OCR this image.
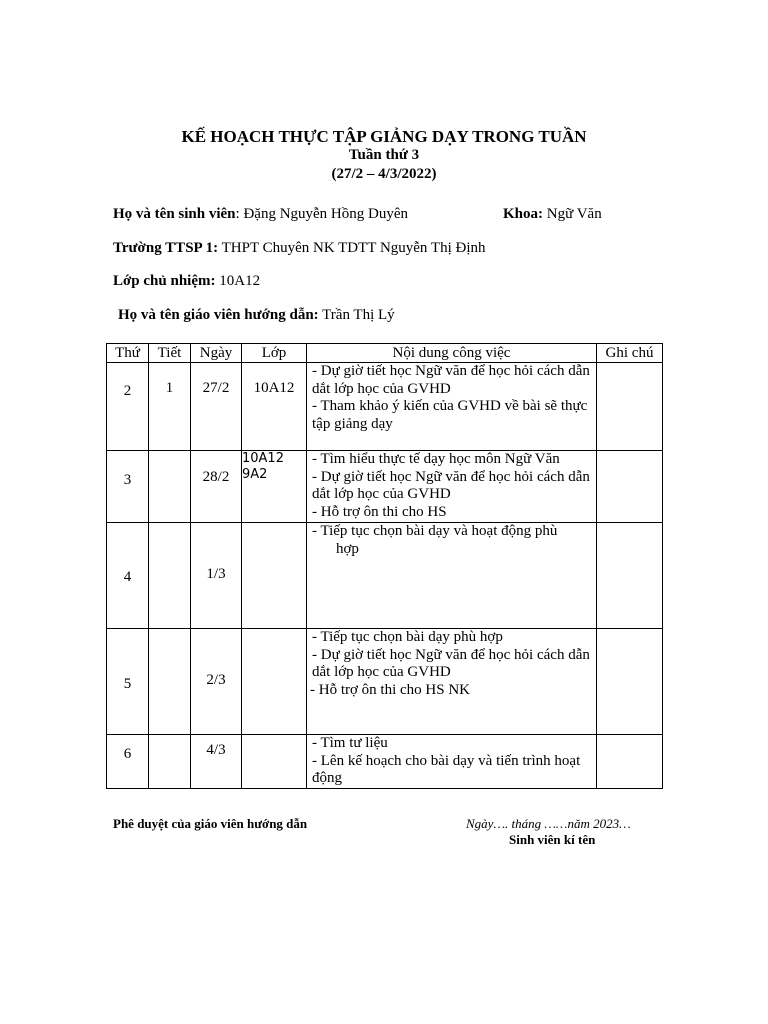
KẾ HOẠCH THỰC TẬP GIẢNG DẠY TRONG TUẦN
Tuần thứ 3
(27/2 – 4/3/2022)
Họ và tên sinh viên: Đặng Nguyễn Hồng Duyên	Khoa: Ngữ Văn
Trường TTSP 1: THPT Chuyên NK TDTT Nguyễn Thị Định
Lớp chủ nhiệm: 10A12
Họ và tên giáo viên hướng dẫn: Trần Thị Lý
Thứ	Tiết	Ngày	Lớp	Nội dung công việc	Ghi chú

2	1	27/2	10A12	- Dự giờ tiết học Ngữ văn để học hỏi cách dẫn dắt lớp học của GVHD
- Tham khảo ý kiến của GVHD về bài sẽ thực tập giảng dạy	

3		28/2	10A12
9A2	- Tìm hiểu thực tế dạy học môn Ngữ Văn
- Dự giờ tiết học Ngữ văn để học hỏi cách dẫn dắt lớp học của GVHD
- Hỗ trợ ôn thi cho HS	

4		1/3		- Tiếp tục chọn bài dạy và hoạt động phù
hợp	

5		2/3		- Tiếp tục chọn bài dạy phù hợp
- Dự giờ tiết học Ngữ văn để học hỏi cách dẫn dắt lớp học của GVHD
- Hỗ trợ ôn thi cho HS NK	

6		4/3		- Tìm tư liệu
- Lên kế hoạch cho bài dạy và tiến trình hoạt động	

Phê duyệt của giáo viên hướng dẫn	Ngày…. tháng ……năm 2023…
Sinh viên kí tên
